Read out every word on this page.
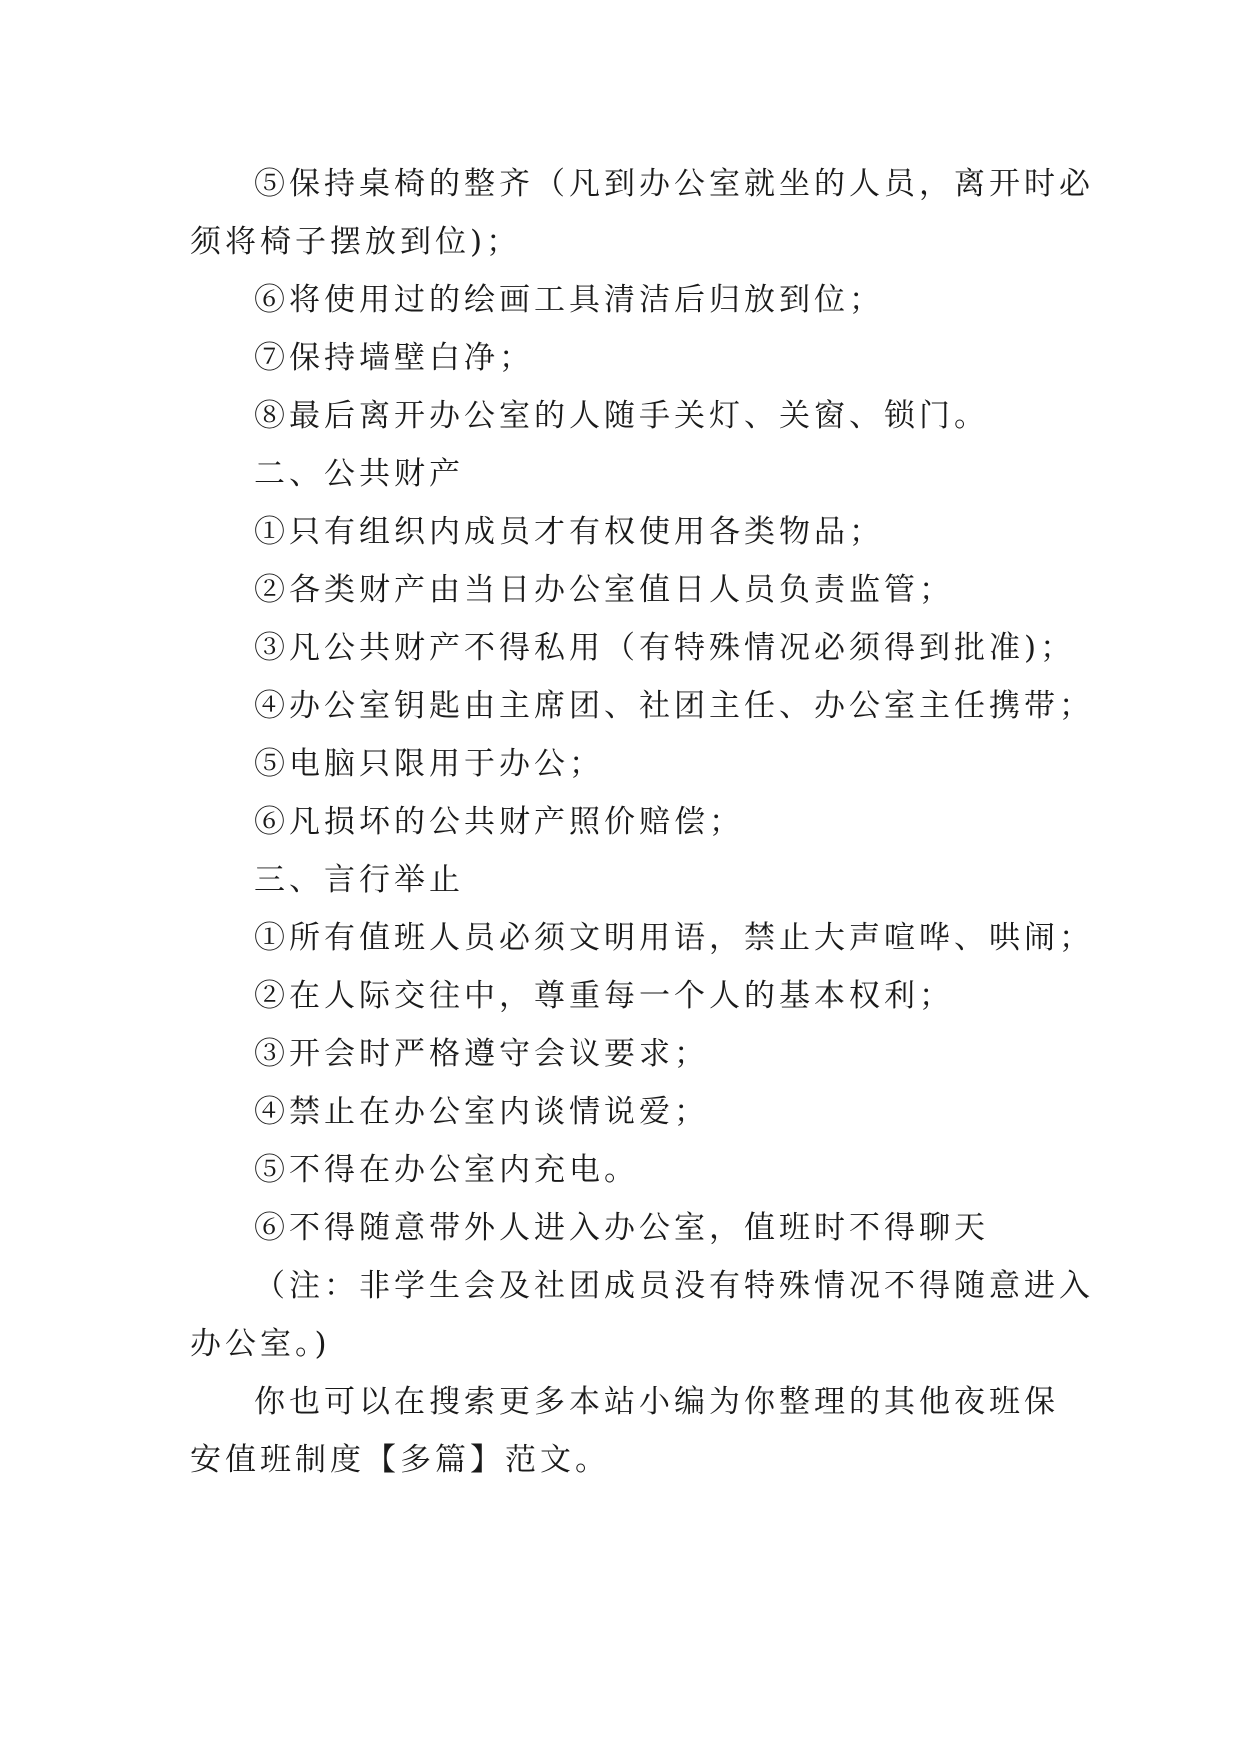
⑤保持桌椅的整齐（凡到办公室就坐的人员，离开时必
须将椅子摆放到位)；
⑥将使用过的绘画工具清洁后归放到位；
⑦保持墙壁白净；
⑧最后离开办公室的人随手关灯、关窗、锁门。
二、公共财产
①只有组织内成员才有权使用各类物品；
②各类财产由当日办公室值日人员负责监管；
③凡公共财产不得私用（有特殊情况必须得到批准)；
④办公室钥匙由主席团、社团主任、办公室主任携带；
⑤电脑只限用于办公；
⑥凡损坏的公共财产照价赔偿；
三、言行举止
①所有值班人员必须文明用语，禁止大声喧哗、哄闹；
②在人际交往中，尊重每一个人的基本权利；
③开会时严格遵守会议要求；
④禁止在办公室内谈情说爱；
⑤不得在办公室内充电。
⑥不得随意带外人进入办公室，值班时不得聊天
（注：非学生会及社团成员没有特殊情况不得随意进入
办公室。)
你也可以在搜索更多本站小编为你整理的其他夜班保
安值班制度【多篇】范文。
